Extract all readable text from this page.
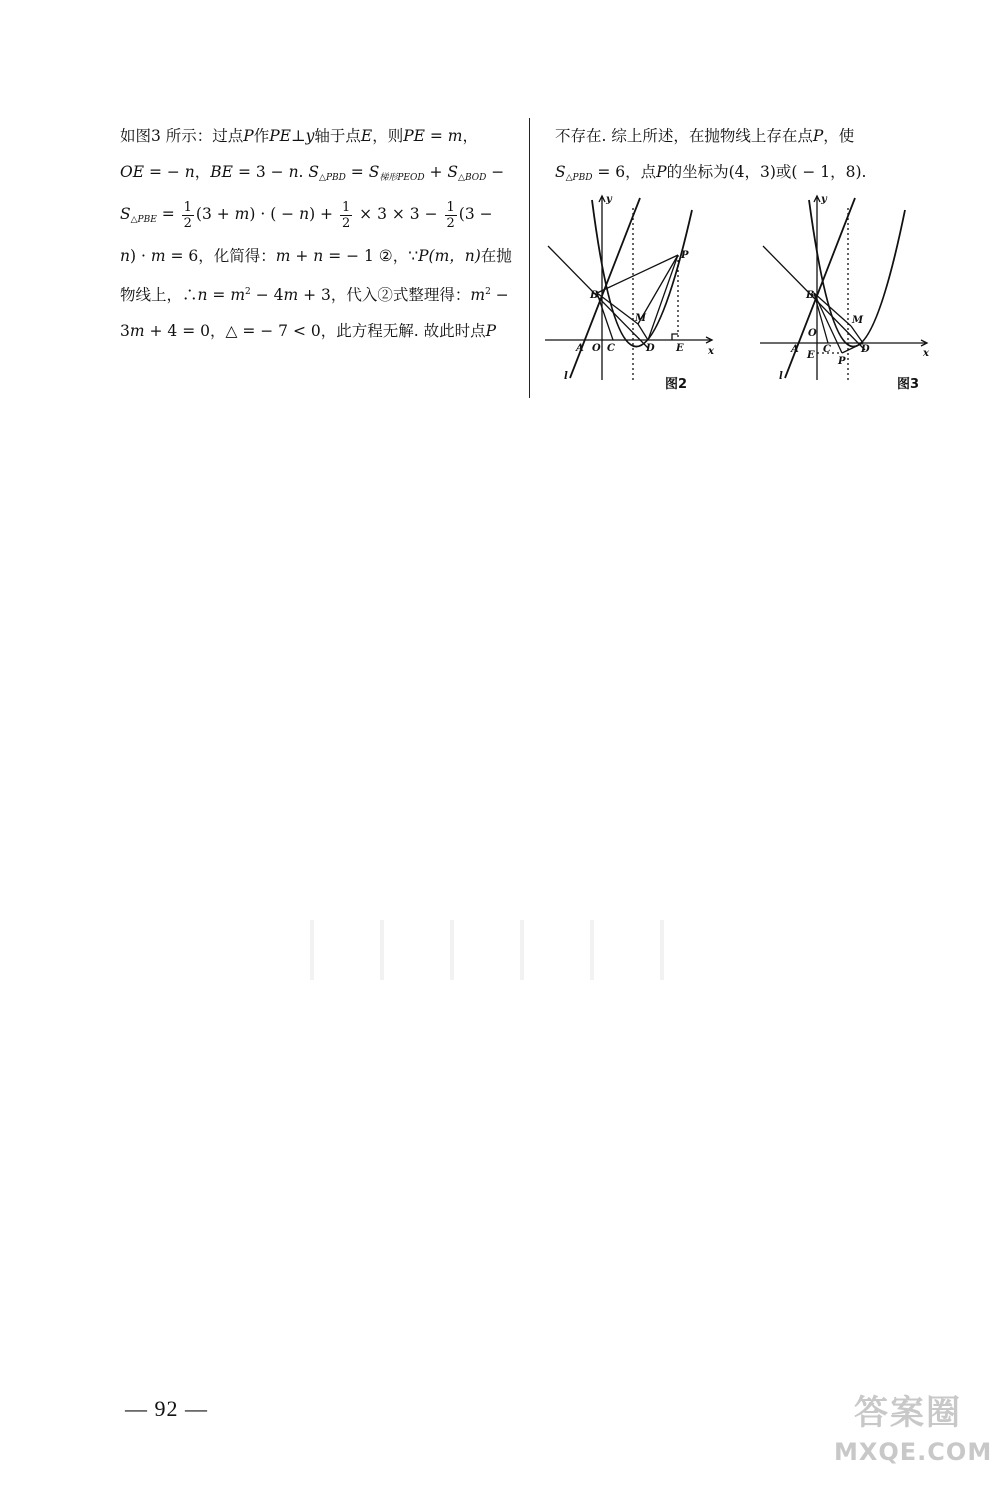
如图3 所示：过点P作PE⊥y轴于点E，则PE = m，

OE = − n，BE = 3 − n. $S_{\triangle PBD} = S_{梯形PEOD} + S_{\triangle BOD}$ −

$S_{\triangle PBE} = \frac{1}{2} (3 + m)$ · ( − $n) + \frac{1}{2} \times 3 \times 3 - \frac{1}{2} (3$ −

n) · m = 6，化简得：m + n = − 1 ②，∵P(m，n)在抛

物线上，∴n = $m^2 - 4m + 3$，代入②式整理得：$m^2$ −

3m + 4 = 0，△ = − 7 < 0，此方程无解. 故此时点P

不存在. 综上所述，在抛物线上存在点P，使

$S_{\triangle PBD} = 6$，点P的坐标为(4，3)或( − 1，8).

y
x
B
P
M
A O C	D E
l
图2
y
x
B
P
M
A
O
C	D
E
l
图3
— 92 —	答案圈
MXQE.COM
